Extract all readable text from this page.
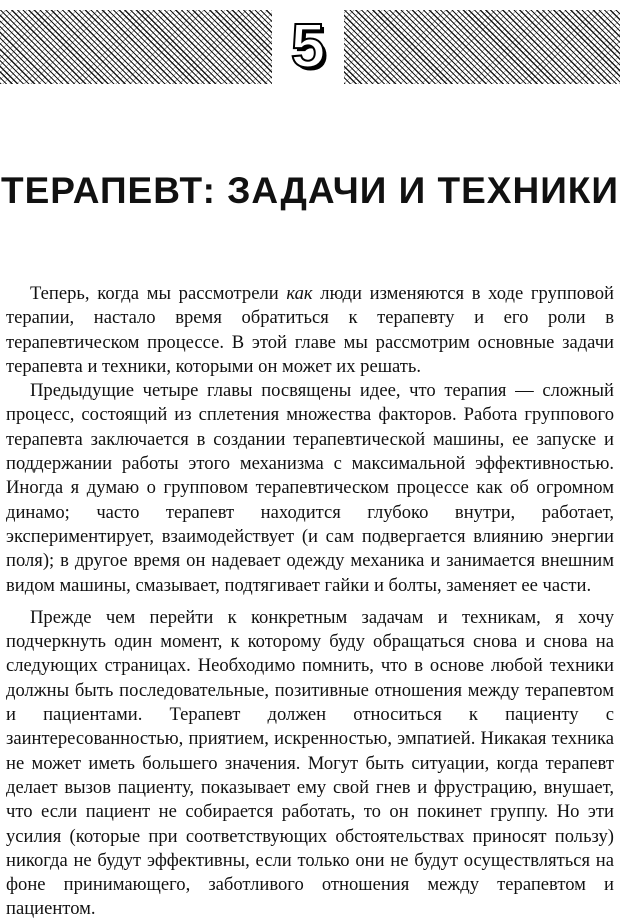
5
ТЕРАПЕВТ: ЗАДАЧИ И ТЕХНИКИ

Теперь, когда мы рассмотрели как люди изменяются в ходе групповой терапии, настало время обратиться к терапевту и его роли в терапевтическом процессе. В этой главе мы рассмотрим основные задачи терапевта и техники, которыми он может их решать.

Предыдущие четыре главы посвящены идее, что терапия — сложный процесс, состоящий из сплетения множества факторов. Работа группового терапевта заключается в создании терапевтической машины, ее запуске и поддержании работы этого механизма с максимальной эффективностью. Иногда я думаю о групповом терапевтическом процессе как об огромном динамо; часто терапевт находится глубоко внутри, работает, экспериментирует, взаимодействует (и сам подвергается влиянию энергии поля); в другое время он надевает одежду механика и занимается внешним видом машины, смазывает, подтягивает гайки и болты, заменяет ее части.

Прежде чем перейти к конкретным задачам и техникам, я хочу подчеркнуть один момент, к которому буду обращаться снова и снова на следующих страницах. Необходимо помнить, что в основе любой техники должны быть последовательные, позитивные отношения между терапевтом и пациентами. Терапевт должен относиться к пациенту с заинтересованностью, приятием, искренностью, эмпатией. Никакая техника не может иметь большего значения. Могут быть ситуации, когда терапевт делает вызов пациенту, показывает ему свой гнев и фрустрацию, внушает, что если пациент не собирается работать, то он покинет группу. Но эти усилия (которые при соответствующих обстоятельствах приносят пользу) никогда не будут эффективны, если только они не будут осуществляться на фоне принимающего, заботливого отношения между терапевтом и пациентом.
